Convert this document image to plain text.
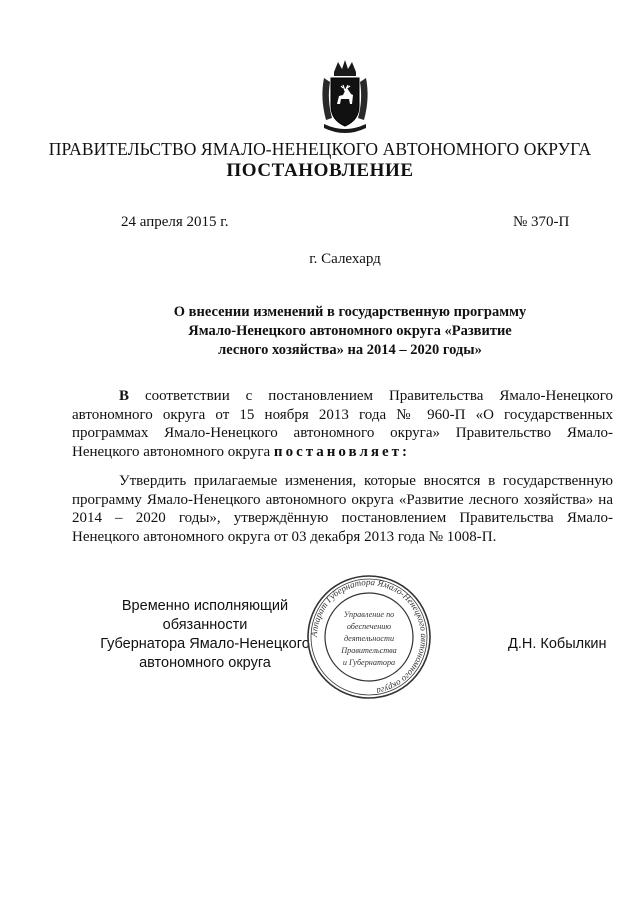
ПРАВИТЕЛЬСТВО ЯМАЛО-НЕНЕЦКОГО АВТОНОМНОГО ОКРУГА
ПОСТАНОВЛЕНИЕ
24 апреля 2015 г.	№ 370-П
г. Салехард
О внесении изменений в государственную программу
Ямало-Ненецкого автономного округа «Развитие
лесного хозяйства» на 2014 – 2020 годы»
В соответствии с постановлением Правительства Ямало-Ненецкого автономного округа от 15 ноября 2013 года № 960-П «О государственных программах Ямало-Ненецкого автономного округа» Правительство Ямало-Ненецкого автономного округа постановляет:
Утвердить прилагаемые изменения, которые вносятся в государственную программу Ямало-Ненецкого автономного округа «Развитие лесного хозяйства» на 2014 – 2020 годы», утверждённую постановлением Правительства Ямало-Ненецкого автономного округа от 03 декабря 2013 года № 1008-П.
Временно исполняющий обязанности
Губернатора Ямало-Ненецкого
автономного округа
Д.Н. Кобылкин
Аппарат Губернатора Ямало-Ненецкого автономного округа
Управление по
обеспечению
деятельности
Правительства
и Губернатора
